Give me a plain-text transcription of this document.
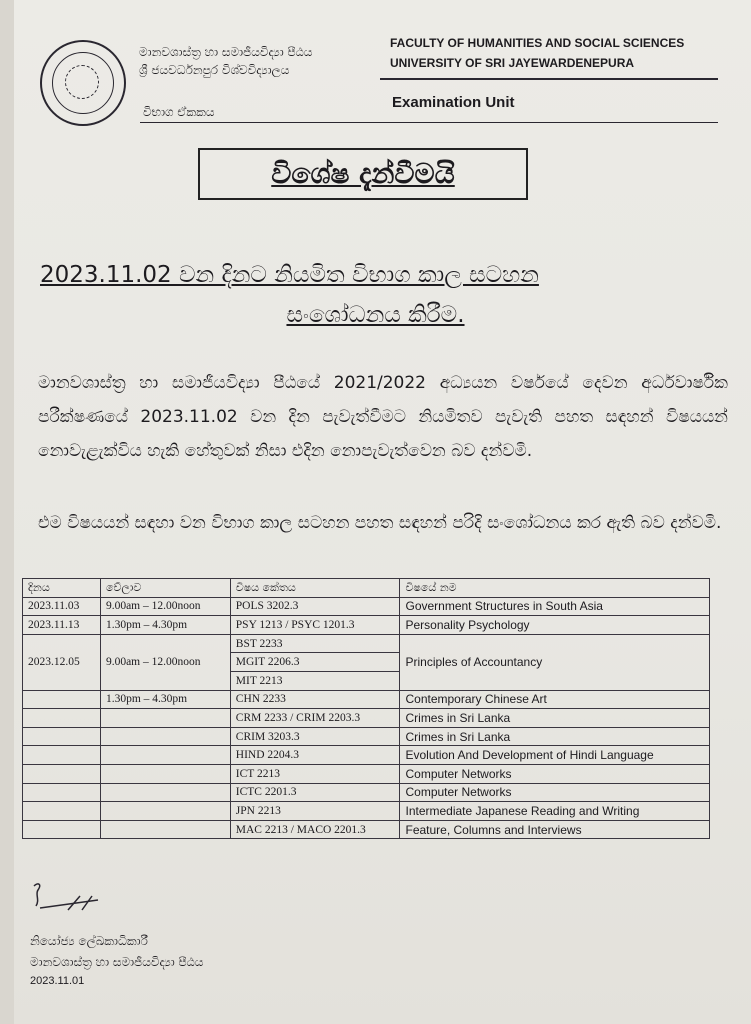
මානවශාස්ත්‍ර හා සමාජීයවිද්‍යා පීඨය
ශ්‍රී ජයවර්ධනපුර විශ්වවිද්‍යාලය
FACULTY OF HUMANITIES AND SOCIAL SCIENCES
UNIVERSITY OF SRI JAYEWARDENEPURA
විභාග ඒකකය
Examination Unit
විශේෂ දැන්වීමයි
2023.11.02 වන දිනට නියමිත විභාග කාල සටහන
සංශෝධනය කිරීම.
මානවශාස්ත්‍ර හා සමාජීයවිද්‍යා පීඨයේ 2021/2022 අධ්‍යයන වර්ෂයේ දෙවන අර්ධවාර්ෂික පරීක්ෂණයේ 2023.11.02 වන දින පැවැත්වීමට නියමිතව පැවැති පහත සඳහන් විෂයයන් නොවැළැක්විය හැකි හේතුවක් නිසා එදින නොපැවැත්වෙන බව දන්වමි.
එම විෂයයන් සඳහා වන විභාග කාල සටහන පහත සඳහන් පරිදි සංශෝධනය කර ඇති බව දන්වමි.
දිනය	වේලාව	විෂය කේතය	විෂයේ නම
2023.11.03	9.00am – 12.00noon	POLS 3202.3	Government Structures in South Asia
2023.11.13	1.30pm – 4.30pm	PSY 1213 / PSYC 1201.3	Personality Psychology
2023.12.05	9.00am – 12.00noon	BST 2233	Principles of Accountancy
		MGIT 2206.3	
		MIT 2213	
	1.30pm – 4.30pm	CHN 2233	Contemporary Chinese Art
		CRM 2233 / CRIM 2203.3	Crimes in Sri Lanka
		CRIM 3203.3	Crimes in Sri Lanka
		HIND 2204.3	Evolution And Development of Hindi Language
		ICT 2213	Computer Networks
		ICTC 2201.3	Computer Networks
		JPN 2213	Intermediate Japanese Reading and Writing
		MAC 2213 / MACO 2201.3	Feature, Columns and Interviews
නියෝජ්‍ය ලේඛකාධිකාරී
මානවශාස්ත්‍ර හා සමාජීයවිද්‍යා පීඨය
2023.11.01
